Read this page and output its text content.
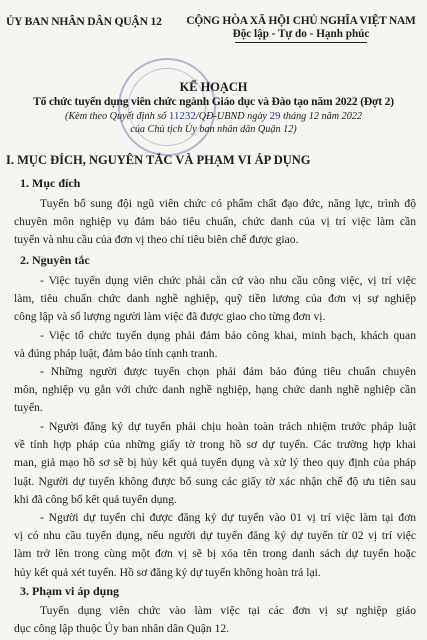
ỦY BAN NHÂN DÂN QUẬN 12	CỘNG HÒA XÃ HỘI CHỦ NGHĨA VIỆT NAM
Độc lập - Tự do - Hạnh phúc
KẾ HOẠCH
Tổ chức tuyển dụng viên chức ngành Giáo dục và Đào tạo năm 2022 (Đợt 2)
(Kèm theo Quyết định số 11232/QĐ-UBND ngày 29 tháng 12 năm 2022
của Chủ tịch Ủy ban nhân dân Quận 12)
I. MỤC ĐÍCH, NGUYÊN TẮC VÀ PHẠM VI ÁP DỤNG
1. Mục đích
Tuyển bổ sung đội ngũ viên chức có phẩm chất đạo đức, năng lực, trình độ
chuyên môn nghiệp vụ đảm bảo tiêu chuẩn, chức danh của vị trí việc làm cần
tuyển và nhu cầu của đơn vị theo chỉ tiêu biên chế được giao.
2. Nguyên tắc
- Việc tuyển dụng viên chức phải căn cứ vào nhu cầu công việc, vị trí việc
làm, tiêu chuẩn chức danh nghề nghiệp, quỹ tiền lương của đơn vị sự nghiệp
công lập và số lượng người làm việc đã được giao cho từng đơn vị.
- Việc tổ chức tuyển dụng phải đảm bảo công khai, minh bạch, khách quan
và đúng pháp luật, đảm bảo tính cạnh tranh.
- Những người được tuyển chọn phải đảm bảo đúng tiêu chuẩn chuyên
môn, nghiệp vụ gắn với chức danh nghề nghiệp, hạng chức danh nghề nghiệp cần
tuyển.
- Người đăng ký dự tuyển phải chịu hoàn toàn trách nhiệm trước pháp luật
về tính hợp pháp của những giấy tờ trong hồ sơ dự tuyển. Các trường hợp khai
man, giả mạo hồ sơ sẽ bị hủy kết quả tuyển dụng và xử lý theo quy định của pháp
luật. Người dự tuyển không được bổ sung các giấy tờ xác nhận chế độ ưu tiên sau
khi đã công bố kết quả tuyển dụng.
- Người dự tuyển chỉ được đăng ký dự tuyển vào 01 vị trí việc làm tại đơn
vị có nhu cầu tuyển dụng, nếu người dự tuyển đăng ký dự tuyển từ 02 vị trí việc
làm trở lên trong cùng một đơn vị sẽ bị xóa tên trong danh sách dự tuyển hoặc
hủy kết quả xét tuyển. Hồ sơ đăng ký dự tuyển không hoàn trả lại.
3. Phạm vi áp dụng
Tuyển dụng viên chức vào làm việc tại các đơn vị sự nghiệp giáo
dục công lập thuộc Ủy ban nhân dân Quận 12.
